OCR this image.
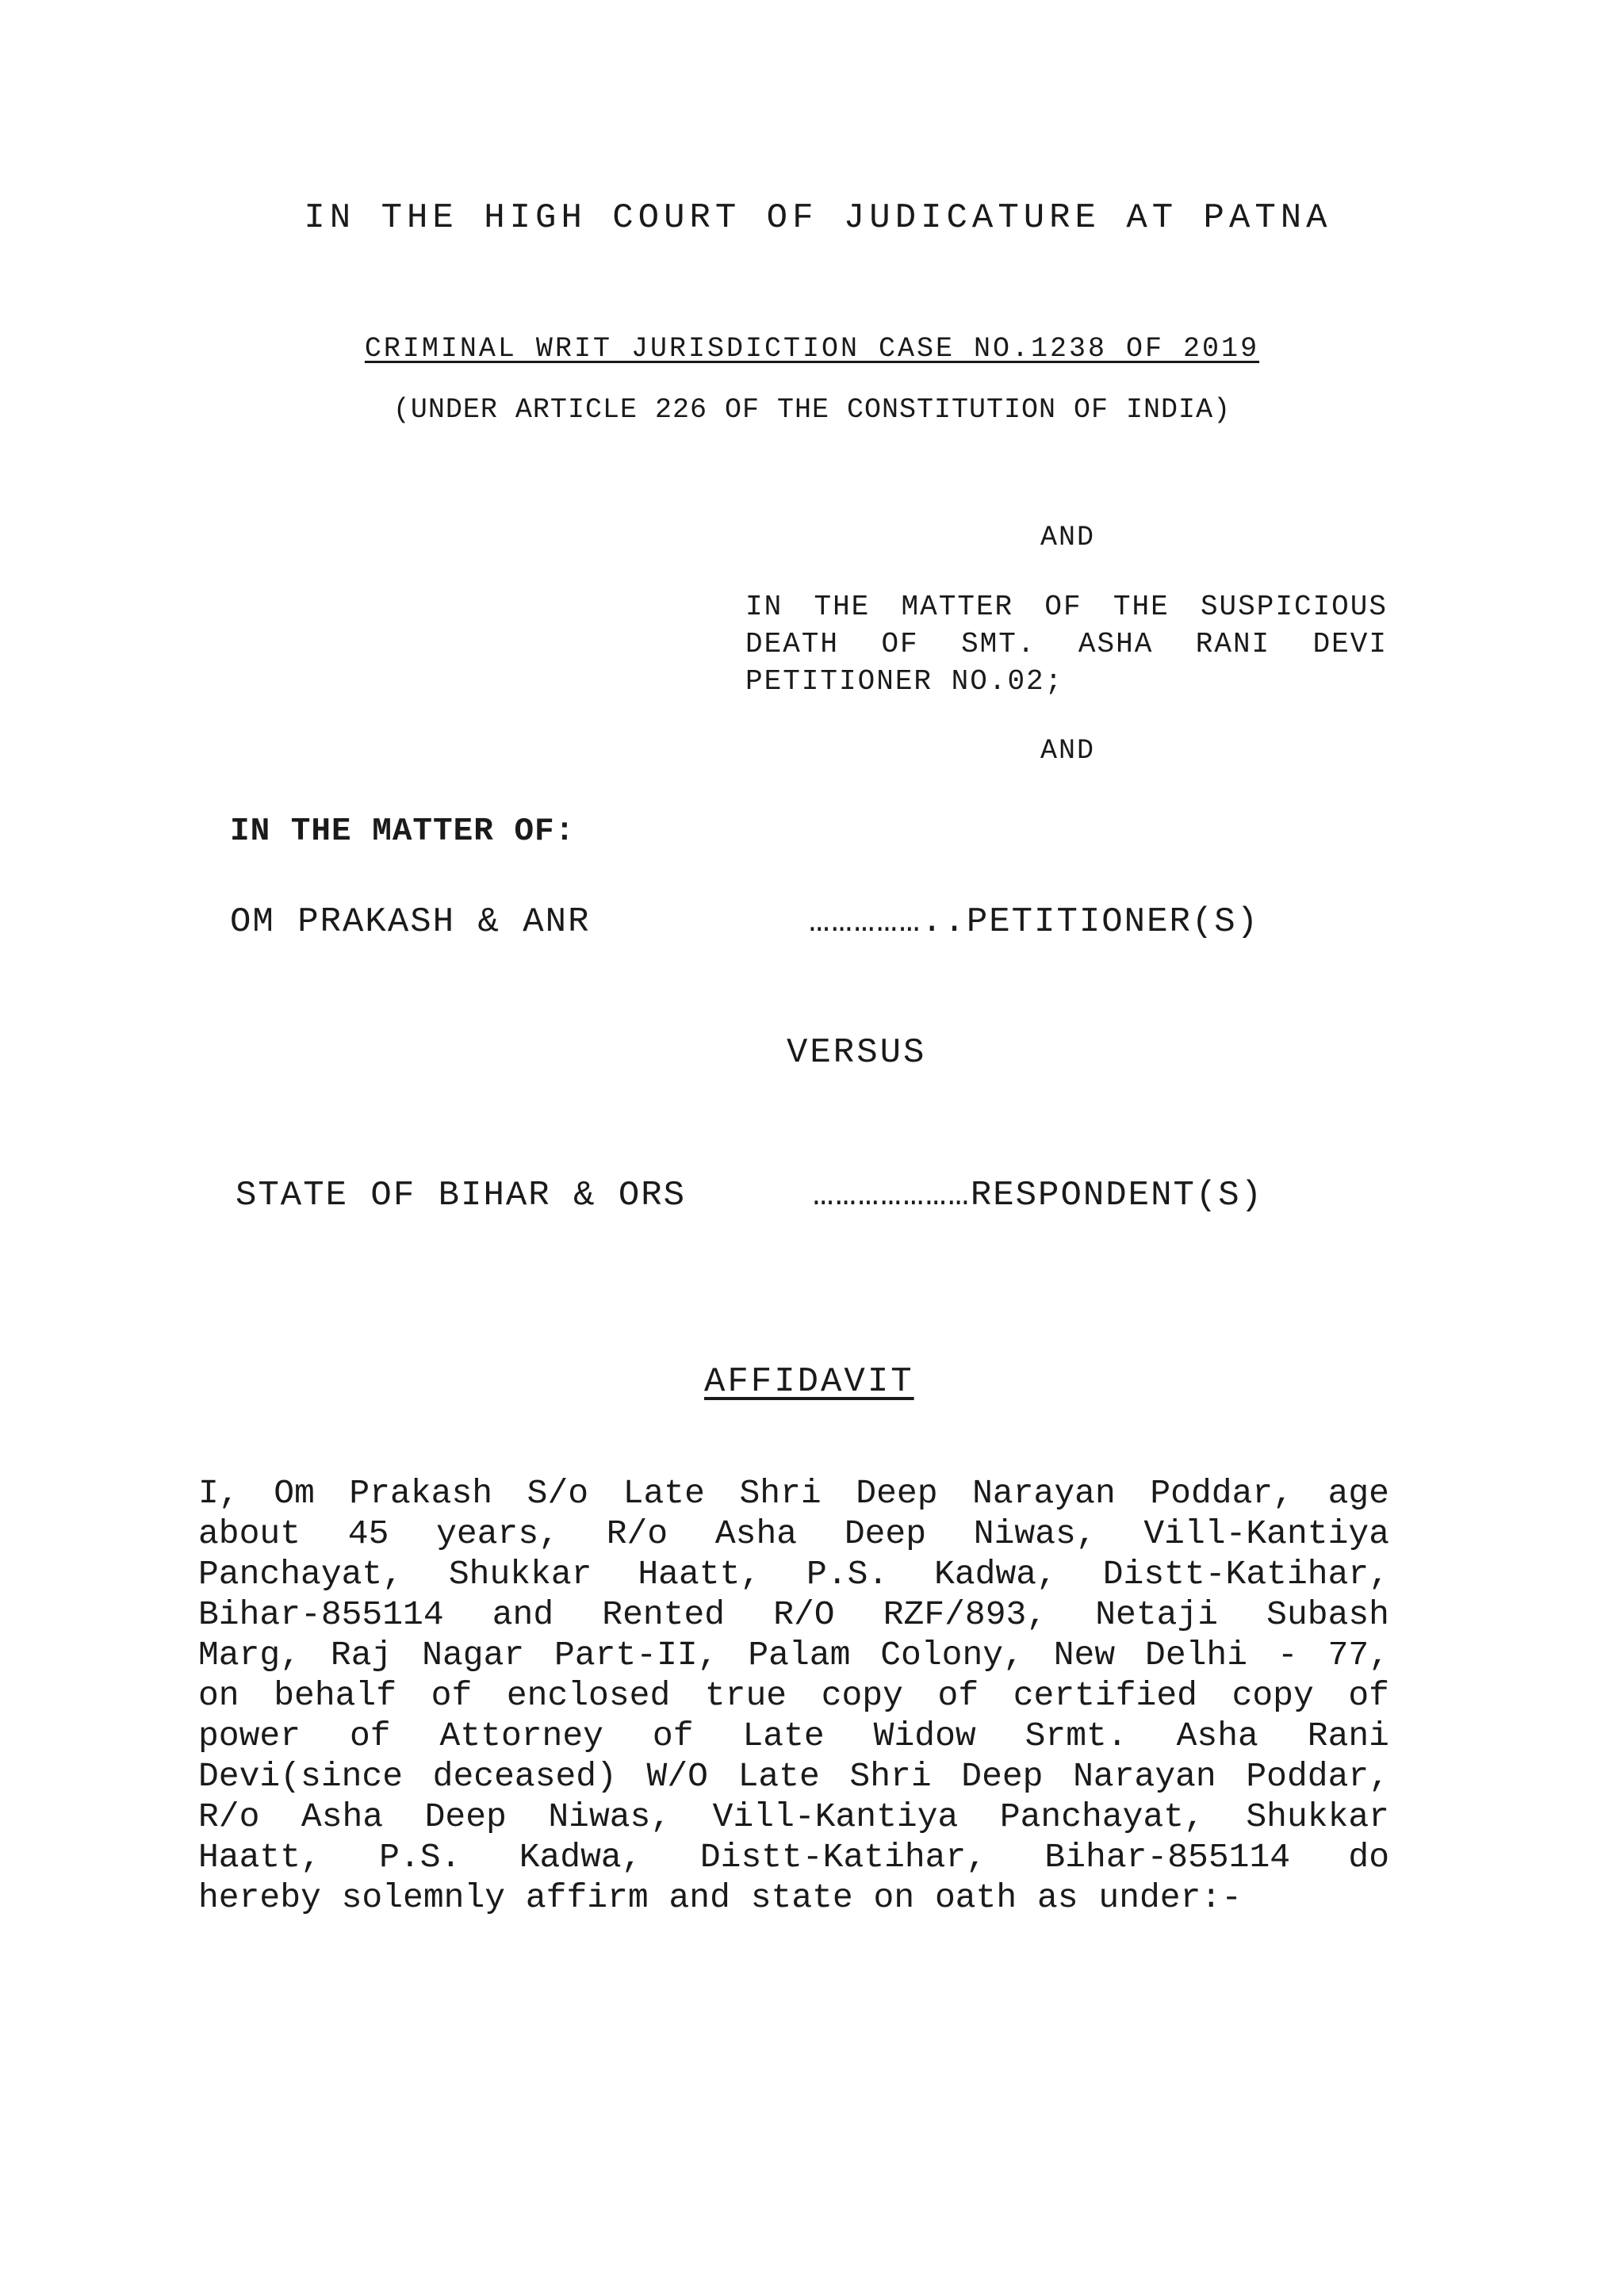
IN THE HIGH COURT OF JUDICATURE AT PATNA
CRIMINAL WRIT JURISDICTION CASE NO.1238 OF 2019
(UNDER ARTICLE 226 OF THE CONSTITUTION OF INDIA)
AND
IN THE MATTER OF THE SUSPICIOUS
DEATH OF SMT. ASHA RANI DEVI
PETITIONER NO.02;
AND
IN THE MATTER OF:
OM PRAKASH & ANR	……………..PETITIONER(S)
VERSUS
STATE OF BIHAR & ORS	…………………RESPONDENT(S)
AFFIDAVIT
I, Om Prakash S/o Late Shri Deep Narayan Poddar, age
about 45 years, R/o Asha Deep Niwas, Vill-Kantiya
Panchayat, Shukkar Haatt, P.S. Kadwa, Distt-Katihar,
Bihar-855114 and Rented R/O RZF/893, Netaji Subash
Marg, Raj Nagar Part-II, Palam Colony, New Delhi - 77,
on behalf of enclosed true copy of certified copy of
power of Attorney of Late Widow Srmt. Asha Rani
Devi(since deceased) W/O Late Shri Deep Narayan Poddar,
R/o Asha Deep Niwas, Vill-Kantiya Panchayat, Shukkar
Haatt, P.S. Kadwa, Distt-Katihar, Bihar-855114 do
hereby solemnly affirm and state on oath as under:-
